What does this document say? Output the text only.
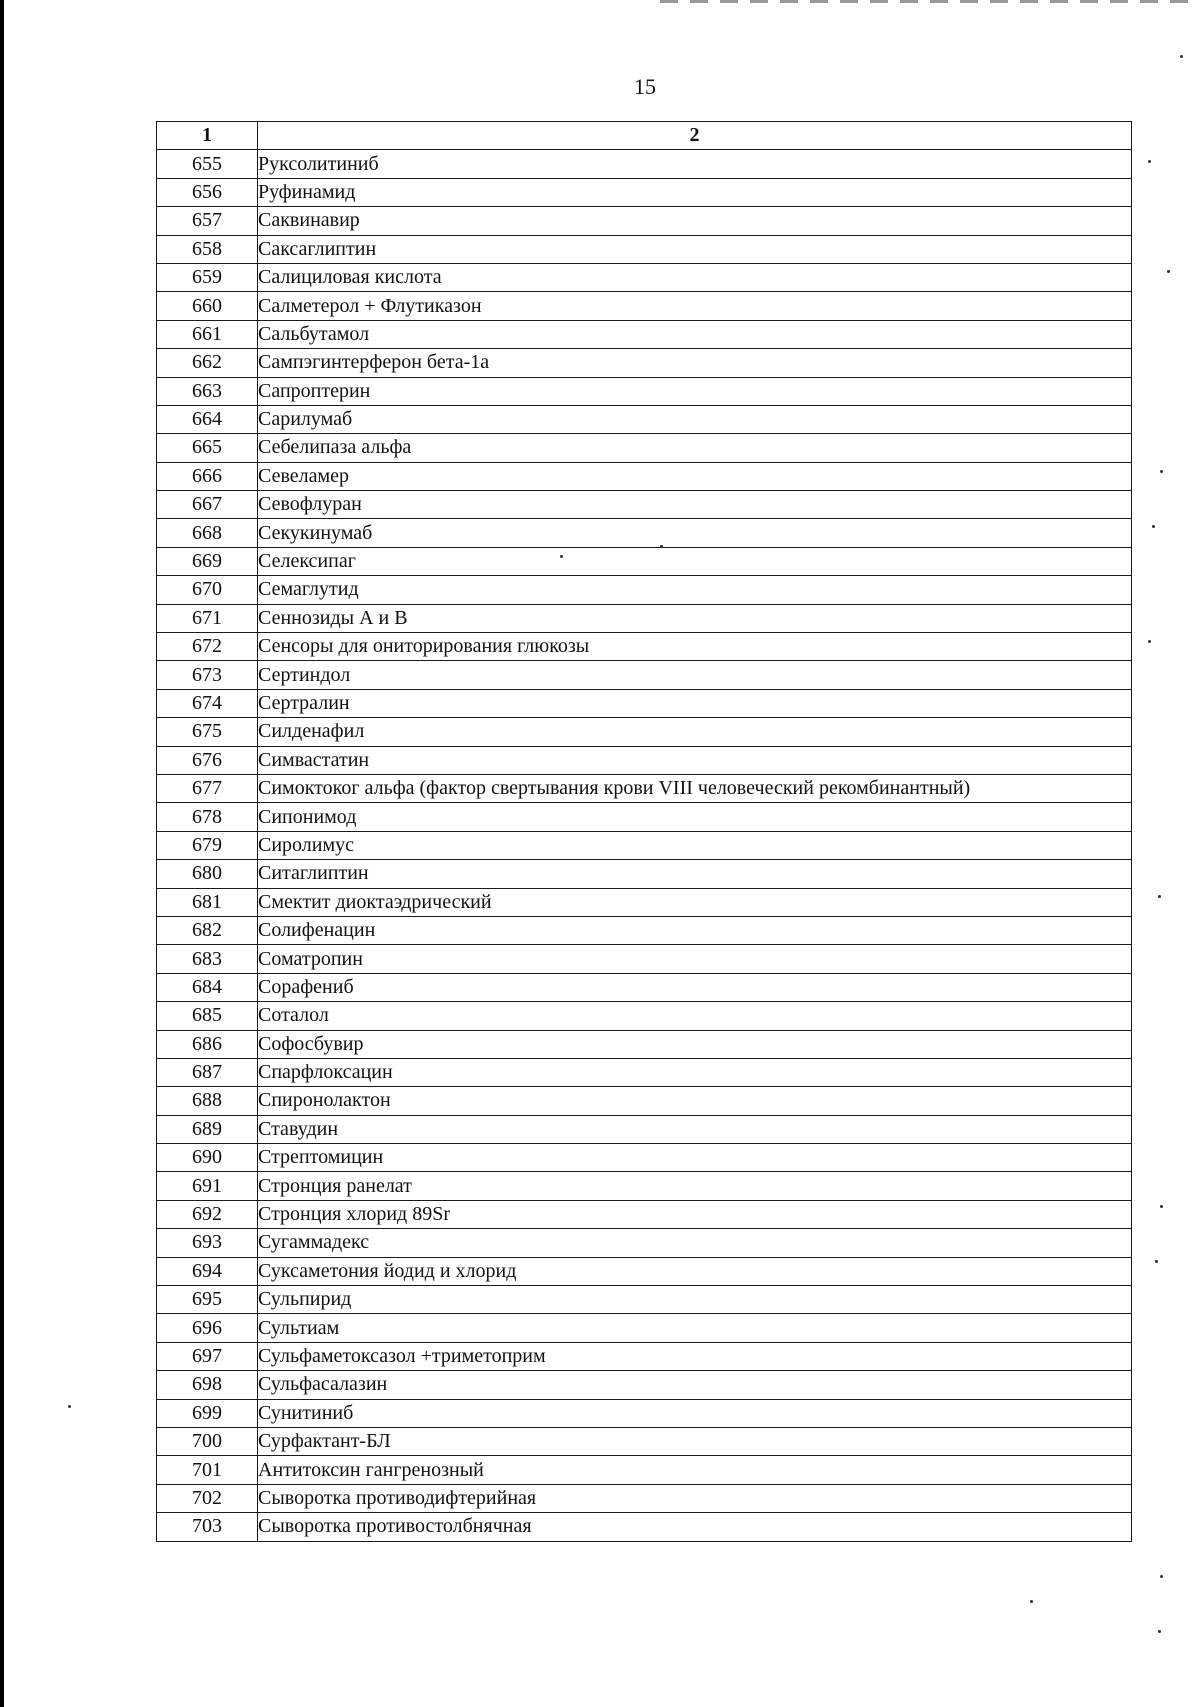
15
1	2
655	Руксолитиниб
656	Руфинамид
657	Саквинавир
658	Саксаглиптин
659	Салициловая кислота
660	Салметерол + Флутиказон
661	Сальбутамол
662	Сампэгинтерферон бета-1а
663	Сапроптерин
664	Сарилумаб
665	Себелипаза альфа
666	Севеламер
667	Севофлуран
668	Секукинумаб
669	Селексипаг
670	Семаглутид
671	Сеннозиды А и В
672	Сенсоры для ониторирования глюкозы
673	Сертиндол
674	Сертралин
675	Силденафил
676	Симвастатин
677	Симоктоког альфа (фактор свертывания крови VIII человеческий рекомбинантный)
678	Сипонимод
679	Сиролимус
680	Ситаглиптин
681	Смектит диоктаэдрический
682	Солифенацин
683	Соматропин
684	Сорафениб
685	Соталол
686	Софосбувир
687	Спарфлоксацин
688	Спиронолактон
689	Ставудин
690	Стрептомицин
691	Стронция ранелат
692	Стронция хлорид 89Sr
693	Сугаммадекс
694	Суксаметония йодид и хлорид
695	Сульпирид
696	Сультиам
697	Сульфаметоксазол +триметоприм
698	Сульфасалазин
699	Сунитиниб
700	Сурфактант-БЛ
701	Антитоксин гангренозный
702	Сыворотка противодифтерийная
703	Сыворотка противостолбнячная
